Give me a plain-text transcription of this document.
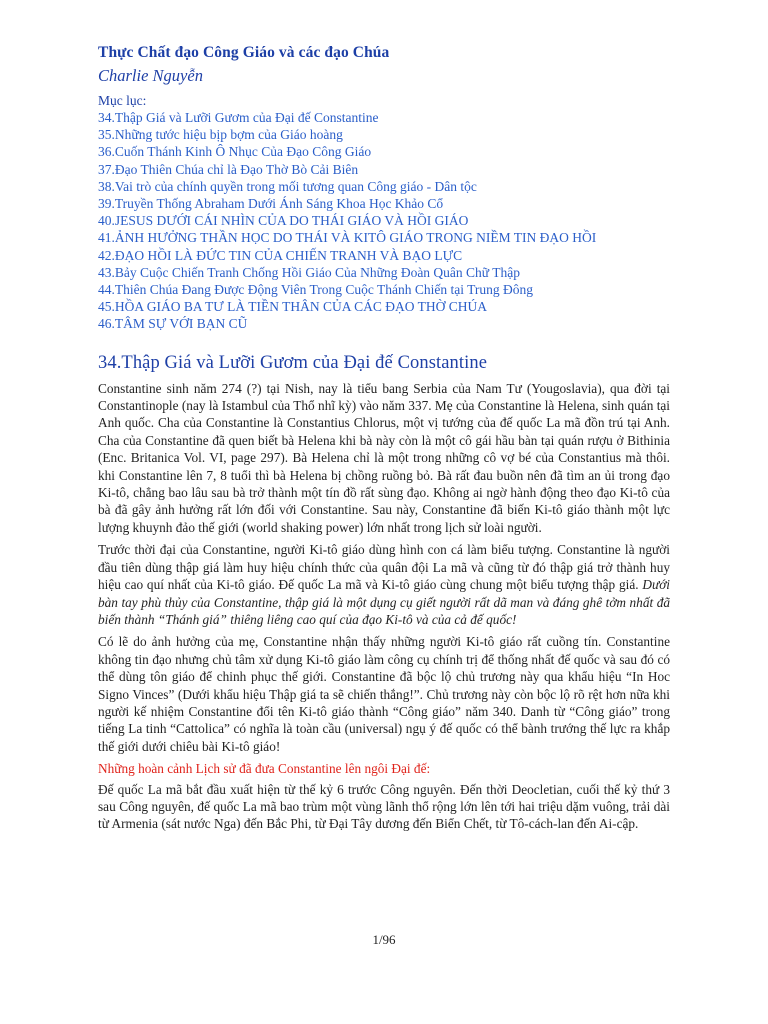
Thực Chất đạo Công Giáo và các đạo Chúa
Charlie Nguyễn
Mục lục:
34.Thập Giá và Lưỡi Gươm của Đại đế Constantine
35.Những tước hiệu bịp bợm của Giáo hoàng
36.Cuốn Thánh Kinh Ô Nhục Của Đạo Công Giáo
37.Đạo Thiên Chúa chỉ là Đạo Thờ Bò Cải Biên
38.Vai trò của chính quyền trong mối tương quan Công giáo - Dân tộc
39.Truyền Thống Abraham Dưới Ánh Sáng Khoa Học Khảo Cổ
40.JESUS DƯỚI CÁI NHÌN CỦA DO THÁI GIÁO VÀ HỒI GIÁO
41.ẢNH HƯỞNG THẦN HỌC DO THÁI VÀ KITÔ GIÁO TRONG NIỀM TIN ĐẠO HỒI
42.ĐẠO HỒI LÀ ĐỨC TIN CỦA CHIẾN TRANH VÀ BẠO LỰC
43.Bảy Cuộc Chiến Tranh Chống Hồi Giáo Của Những Đoàn Quân Chữ Thập
44.Thiên Chúa Đang Được Động Viên Trong Cuộc Thánh Chiến tại Trung Đông
45.HỒA GIÁO BA TƯ LÀ TIỀN THÂN CỦA CÁC ĐẠO THỜ CHÚA
46.TÂM SỰ VỚI BẠN CŨ
34.Thập Giá và Lưỡi Gươm của Đại đế Constantine

Constantine sinh năm 274 (?) tại Nish, nay là tiểu bang Serbia của Nam Tư (Yougoslavia), qua đời tại Constantinople (nay là Istambul của Thổ nhĩ kỳ) vào năm 337. Mẹ của Constantine là Helena, sinh quán tại Anh quốc. Cha của Constantine là Constantius Chlorus, một vị tướng của đế quốc La mã đồn trú tại Anh. Cha của Constantine đã quen biết bà Helena khi bà này còn là một cô gái hầu bàn tại quán rượu ở Bithinia (Enc. Britanica Vol. VI, page 297). Bà Helena chỉ là một trong những cô vợ bé của Constantius mà thôi. khi Constantine lên 7, 8 tuổi thì bà Helena bị chồng ruồng bỏ. Bà rất đau buồn nên đã tìm an ủi trong đạo Ki-tô, chẳng bao lâu sau bà trở thành một tín đồ rất sùng đạo. Không ai ngờ hành động theo đạo Ki-tô của bà đã gây ảnh hưởng rất lớn đối với Constantine. Sau này, Constantine đã biến Ki-tô giáo thành một lực lượng khuynh đảo thế giới (world shaking power) lớn nhất trong lịch sử loài người.

Trước thời đại của Constantine, người Ki-tô giáo dùng hình con cá làm biểu tượng. Constantine là người đầu tiên dùng thập giá làm huy hiệu chính thức của quân đội La mã và cũng từ đó thập giá trở thành huy hiệu cao quí nhất của Ki-tô giáo. Đế quốc La mã và Ki-tô giáo cùng chung một biểu tượng thập giá. Dưới bàn tay phù thủy của Constantine, thập giá là một dụng cụ giết người rất dã man và đáng ghê tởm nhất đã biến thành “Thánh giá” thiêng liêng cao quí của đạo Ki-tô và của cả đế quốc!

Có lẽ do ảnh hưởng của mẹ, Constantine nhận thấy những người Ki-tô giáo rất cuồng tín. Constantine không tin đạo nhưng chủ tâm xử dụng Ki-tô giáo làm công cụ chính trị để thống nhất đế quốc và sau đó có thể dùng tôn giáo để chinh phục thế giới. Constantine đã bộc lộ chủ trương này qua khẩu hiệu “In Hoc Signo Vinces” (Dưới khẩu hiệu Thập giá ta sẽ chiến thắng!”. Chủ trương này còn bộc lộ rõ rệt hơn nữa khi người kế nhiệm Constantine đổi tên Ki-tô giáo thành “Công giáo” năm 340. Danh từ “Công giáo” trong tiếng La tinh “Cattolica” có nghĩa là toàn cầu (universal) ngụ ý đế quốc có thể bành trướng thế lực ra khắp thế giới dưới chiêu bài Ki-tô giáo!

Những hoàn cảnh Lịch sử đã đưa Constantine lên ngôi Đại đế:

Đế quốc La mã bắt đầu xuất hiện từ thế kỷ 6 trước Công nguyên. Đến thời Deocletian, cuối thế kỷ thứ 3 sau Công nguyên, đế quốc La mã bao trùm một vùng lãnh thổ rộng lớn lên tới hai triệu dặm vuông, trải dài từ Armenia (sát nước Nga) đến Bắc Phi, từ Đại Tây dương đến Biển Chết, từ Tô-cách-lan đến Ai-cập.

1/96
